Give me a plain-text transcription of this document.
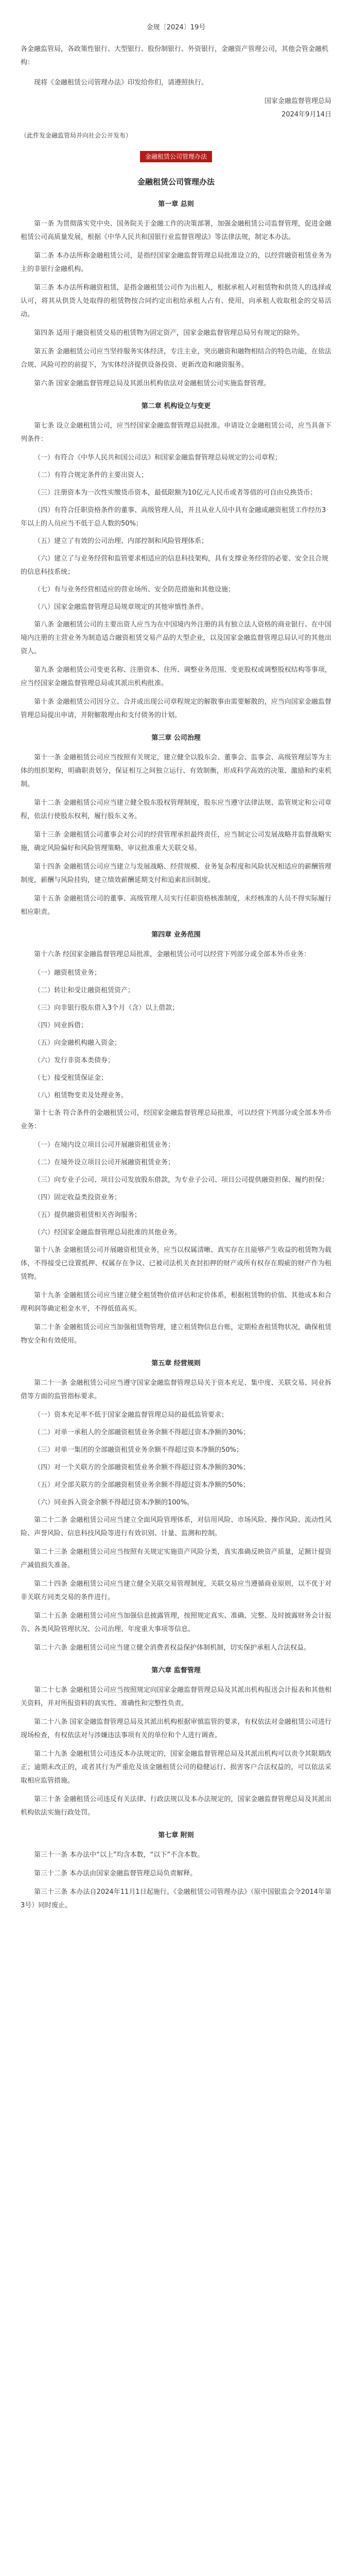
金规〔2024〕19号

各金融监管局，各政策性银行、大型银行、股份制银行、外资银行，金融资产管理公司，其他会管金融机构：

现将《金融租赁公司管理办法》印发给你们，请遵照执行。

国家金融监督管理总局

2024年9月14日

（此件发金融监管局并向社会公开发布）

金融租赁公司管理办法

金融租赁公司管理办法

第一章 总则

第一条 为贯彻落实党中央、国务院关于金融工作的决策部署，加强金融租赁公司监督管理，促进金融租赁公司高质量发展，根据《中华人民共和国银行业监督管理法》等法律法规，制定本办法。

第二条 本办法所称金融租赁公司，是指经国家金融监督管理总局批准设立的，以经营融资租赁业务为主的非银行金融机构。

第三条 本办法所称融资租赁，是指金融租赁公司作为出租人，根据承租人对租赁物和供货人的选择或认可，将其从供货人处取得的租赁物按合同约定出租给承租人占有、使用，向承租人收取租金的交易活动。

第四条 适用于融资租赁交易的租赁物为固定资产，国家金融监督管理总局另有规定的除外。

第五条 金融租赁公司应当坚持服务实体经济，专注主业，突出融资和融物相结合的特色功能，在依法合规、风险可控的前提下，为实体经济提供设备投资、更新改造和融资服务。

第六条 国家金融监督管理总局及其派出机构依法对金融租赁公司实施监督管理。

第二章 机构设立与变更

第七条 设立金融租赁公司，应当经国家金融监督管理总局批准。申请设立金融租赁公司，应当具备下列条件：

（一）有符合《中华人民共和国公司法》和国家金融监督管理总局规定的公司章程；

（二）有符合规定条件的主要出资人；

（三）注册资本为一次性实缴货币资本，最低限额为10亿元人民币或者等值的可自由兑换货币；

（四）有符合任职资格条件的董事、高级管理人员，并且从业人员中具有金融或融资租赁工作经历3年以上的人员应当不低于总人数的50%；

（五）建立了有效的公司治理、内部控制和风险管理体系；

（六）建立了与业务经营和监管要求相适应的信息科技架构，具有支撑业务经营的必要、安全且合规的信息科技系统；

（七）有与业务经营相适应的营业场所、安全防范措施和其他设施；

（八）国家金融监督管理总局规章规定的其他审慎性条件。

第八条 金融租赁公司的主要出资人应当为在中国境内外注册的具有独立法人资格的商业银行、在中国境内注册的主营业务为制造适合融资租赁交易产品的大型企业，以及国家金融监督管理总局认可的其他出资人。

第九条 金融租赁公司变更名称、注册资本、住所、调整业务范围、变更股权或调整股权结构等事项，应当经国家金融监督管理总局或其派出机构批准。

第十条 金融租赁公司因分立、合并或出现公司章程规定的解散事由需要解散的，应当向国家金融监督管理总局提出申请，并附解散理由和支付债务的计划。

第三章 公司治理

第十一条 金融租赁公司应当按照有关规定，建立健全以股东会、董事会、监事会、高级管理层等为主体的组织架构，明确职责划分，保证相互之间独立运行、有效制衡，形成科学高效的决策、激励和约束机制。

第十二条 金融租赁公司应当建立健全股东股权管理制度，股东应当遵守法律法规、监管规定和公司章程，依法行使股东权利，履行股东义务。

第十三条 金融租赁公司董事会对公司的经营管理承担最终责任，应当制定公司发展战略并监督战略实施，确定风险偏好和风险管理策略，审议批准重大关联交易。

第十四条 金融租赁公司应当建立与发展战略、经营规模、业务复杂程度和风险状况相适应的薪酬管理制度，薪酬与风险挂钩，建立绩效薪酬延期支付和追索扣回制度。

第十五条 金融租赁公司的董事、高级管理人员实行任职资格核准制度，未经核准的人员不得实际履行相应职责。

第四章 业务范围

第十六条 经国家金融监督管理总局批准，金融租赁公司可以经营下列部分或全部本外币业务：

（一）融资租赁业务；

（二）转让和受让融资租赁资产；

（三）向非银行股东借入3个月（含）以上借款；

（四）同业拆借；

（五）向金融机构融入资金；

（六）发行非资本类债券；

（七）接受租赁保证金；

（八）租赁物变卖及处理业务。

第十七条 符合条件的金融租赁公司，经国家金融监督管理总局批准，可以经营下列部分或全部本外币业务：

（一）在境内设立项目公司开展融资租赁业务；

（二）在境外设立项目公司开展融资租赁业务；

（三）向专业子公司、项目公司发放股东借款，为专业子公司、项目公司提供融资担保、履约担保；

（四）固定收益类投资业务；

（五）提供融资租赁相关咨询服务；

（六）经国家金融监督管理总局批准的其他业务。

第十八条 金融租赁公司开展融资租赁业务，应当以权属清晰、真实存在且能够产生收益的租赁物为载体，不得接受已设置抵押、权属存在争议、已被司法机关查封扣押的财产或所有权存在瑕疵的财产作为租赁物。

第十九条 金融租赁公司应当建立健全租赁物价值评估和定价体系，根据租赁物的价值、其他成本和合理利润等确定租金水平，不得低值高买。

第二十条 金融租赁公司应当加强租赁物管理，建立租赁物信息台账，定期检查租赁物状况，确保租赁物安全和有效使用。

第五章 经营规则

第二十一条 金融租赁公司应当遵守国家金融监督管理总局关于资本充足、集中度、关联交易、同业拆借等方面的监管指标要求。

（一）资本充足率不低于国家金融监督管理总局的最低监管要求；

（二）对单一承租人的全部融资租赁业务余额不得超过资本净额的30%；

（三）对单一集团的全部融资租赁业务余额不得超过资本净额的50%；

（四）对一个关联方的全部融资租赁业务余额不得超过资本净额的30%；

（五）对全部关联方的全部融资租赁业务余额不得超过资本净额的50%；

（六）同业拆入资金余额不得超过资本净额的100%。

第二十二条 金融租赁公司应当建立全面风险管理体系，对信用风险、市场风险、操作风险、流动性风险、声誉风险、信息科技风险等进行有效识别、计量、监测和控制。

第二十三条 金融租赁公司应当按照有关规定实施资产风险分类，真实准确反映资产质量，足额计提资产减值损失准备。

第二十四条 金融租赁公司应当建立健全关联交易管理制度，关联交易应当遵循商业原则，以不优于对非关联方同类交易的条件进行。

第二十五条 金融租赁公司应当加强信息披露管理，按照规定真实、准确、完整、及时披露财务会计报告、各类风险管理状况、公司治理、年度重大事项等信息。

第二十六条 金融租赁公司应当建立健全消费者权益保护体制机制，切实保护承租人合法权益。

第六章 监督管理

第二十七条 金融租赁公司应当按照规定向国家金融监督管理总局及其派出机构报送会计报表和其他相关资料，并对所报资料的真实性、准确性和完整性负责。

第二十八条 国家金融监督管理总局及其派出机构根据审慎监管的要求，有权依法对金融租赁公司进行现场检查，有权依法对与涉嫌违法事项有关的单位和个人进行调查。

第二十九条 金融租赁公司违反本办法规定的，国家金融监督管理总局及其派出机构可以责令其限期改正；逾期未改正的，或者其行为严重危及该金融租赁公司的稳健运行、损害客户合法权益的，可以依法采取相应监管措施。

第三十条 金融租赁公司违反有关法律、行政法规以及本办法规定的，国家金融监督管理总局及其派出机构依法实施行政处罚。

第七章 附则

第三十一条 本办法中“以上”均含本数，“以下”不含本数。

第三十二条 本办法由国家金融监督管理总局负责解释。

第三十三条 本办法自2024年11月1日起施行。《金融租赁公司管理办法》（原中国银监会令2014年第3号）同时废止。
